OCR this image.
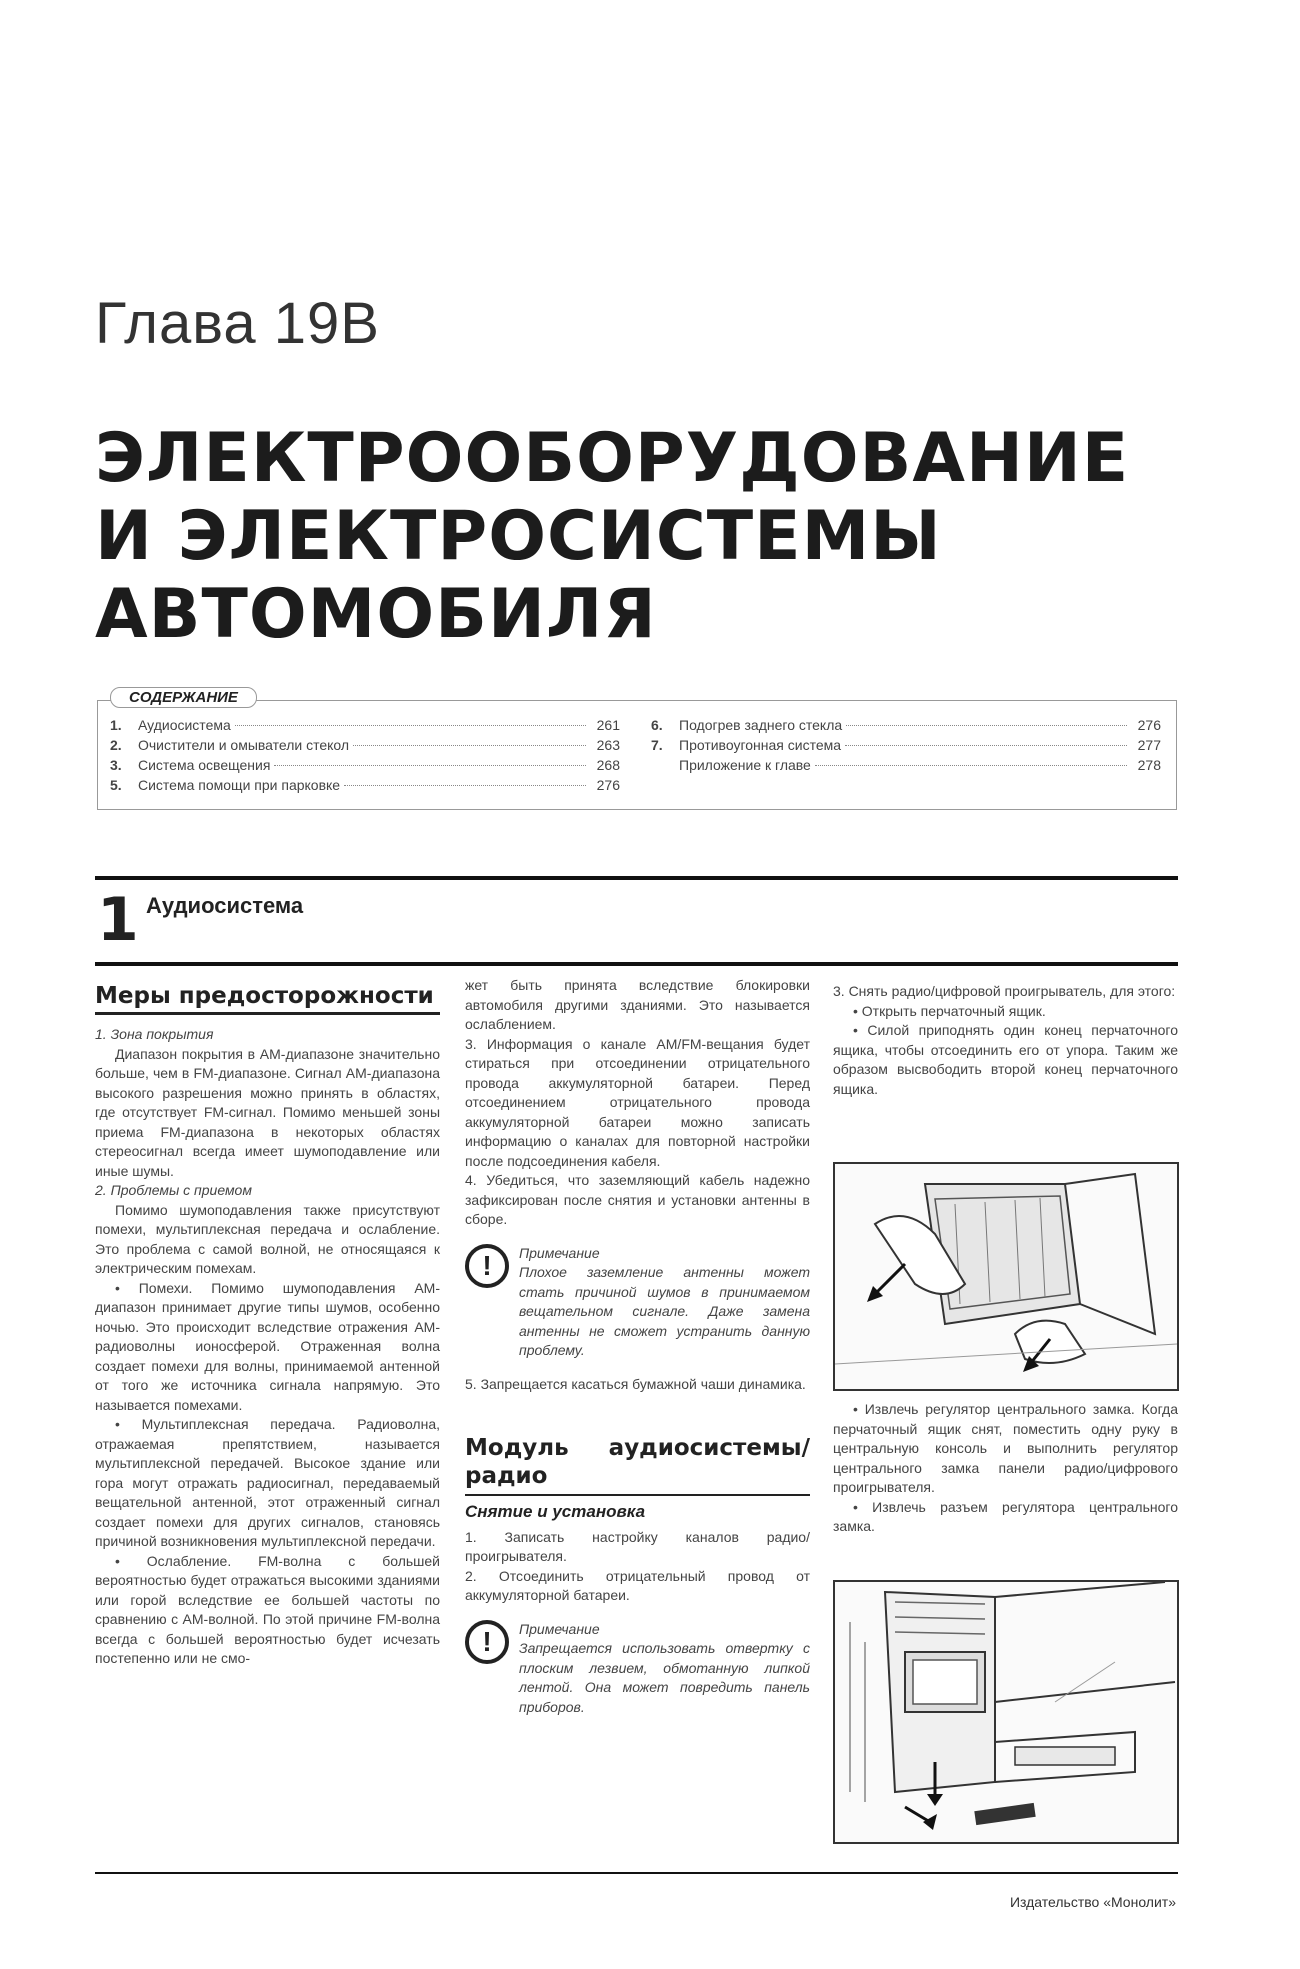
Глава 19В
ЭЛЕКТРООБОРУДОВАНИЕ
И ЭЛЕКТРОСИСТЕМЫ
АВТОМОБИЛЯ
СОДЕРЖАНИЕ
1.	Аудиосистема	261
2.	Очистители и омыватели стекол	263
3.	Система освещения	268
5.	Система помощи при парковке	276
6.	Подогрев заднего стекла	276
7.	Противоугонная система	277
Приложение к главе	278
1 Аудиосистема
Меры предосторожности

1. Зона покрытия

Диапазон покрытия в AM-диапазоне значительно больше, чем в FM-диапазоне. Сигнал AM-диапазона высокого разрешения можно принять в областях, где отсутствует FM-сигнал. Помимо меньшей зоны приема FM-диапазона в некоторых областях стереосигнал всегда имеет шумоподавление или иные шумы.

2. Проблемы с приемом

Помимо шумоподавления также присутствуют помехи, мультиплексная передача и ослабление. Это проблема с самой волной, не относящаяся к электрическим помехам.

• Помехи. Помимо шумоподавления AM-диапазон принимает другие типы шумов, особенно ночью. Это происходит вследствие отражения AM-радиоволны ионосферой. Отраженная волна создает помехи для волны, принимаемой антенной от того же источника сигнала напрямую. Это называется помехами.

• Мультиплексная передача. Радиоволна, отражаемая препятствием, называется мультиплексной передачей. Высокое здание или гора могут отражать радиосигнал, передаваемый вещательной антенной, этот отраженный сигнал создает помехи для других сигналов, становясь причиной возникновения мультиплексной передачи.

• Ослабление. FM-волна с большей вероятностью будет отражаться высокими зданиями или горой вследствие ее большей частоты по сравнению с AM-волной. По этой причине FM-волна всегда с большей вероятностью будет исчезать постепенно или не смо-

жет быть принята вследствие блокировки автомобиля другими зданиями. Это называется ослаблением.

3. Информация о канале AM/FM-вещания будет стираться при отсоединении отрицательного провода аккумуляторной батареи. Перед отсоединением отрицательного провода аккумуляторной батареи можно записать информацию о каналах для повторной настройки после подсоединения кабеля.

4. Убедиться, что заземляющий кабель надежно зафиксирован после снятия и установки антенны в сборе.

!	Примечание
Плохое заземление антенны может стать причиной шумов в принимаемом вещательном сигнале. Даже замена антенны не сможет устранить данную проблему.

5. Запрещается касаться бумажной чаши динамика.

Модуль аудиосистемы/радио
Снятие и установка

1. Записать настройку каналов радио/проигрывателя.

2. Отсоединить отрицательный провод от аккумуляторной батареи.

!	Примечание
Запрещается использовать отвертку с плоским лезвием, обмотанную липкой лентой. Она может повредить панель приборов.

3. Снять радио/цифровой проигрыватель, для этого:

• Открыть перчаточный ящик.

• Силой приподнять один конец перчаточного ящика, чтобы отсоединить его от упора. Таким же образом высвободить второй конец перчаточного ящика.

• Извлечь регулятор центрального замка. Когда перчаточный ящик снят, поместить одну руку в центральную консоль и выполнить регулятор центрального замка панели радио/цифрового проигрывателя.

• Извлечь разъем регулятора центрального замка.

Издательство «Монолит»
